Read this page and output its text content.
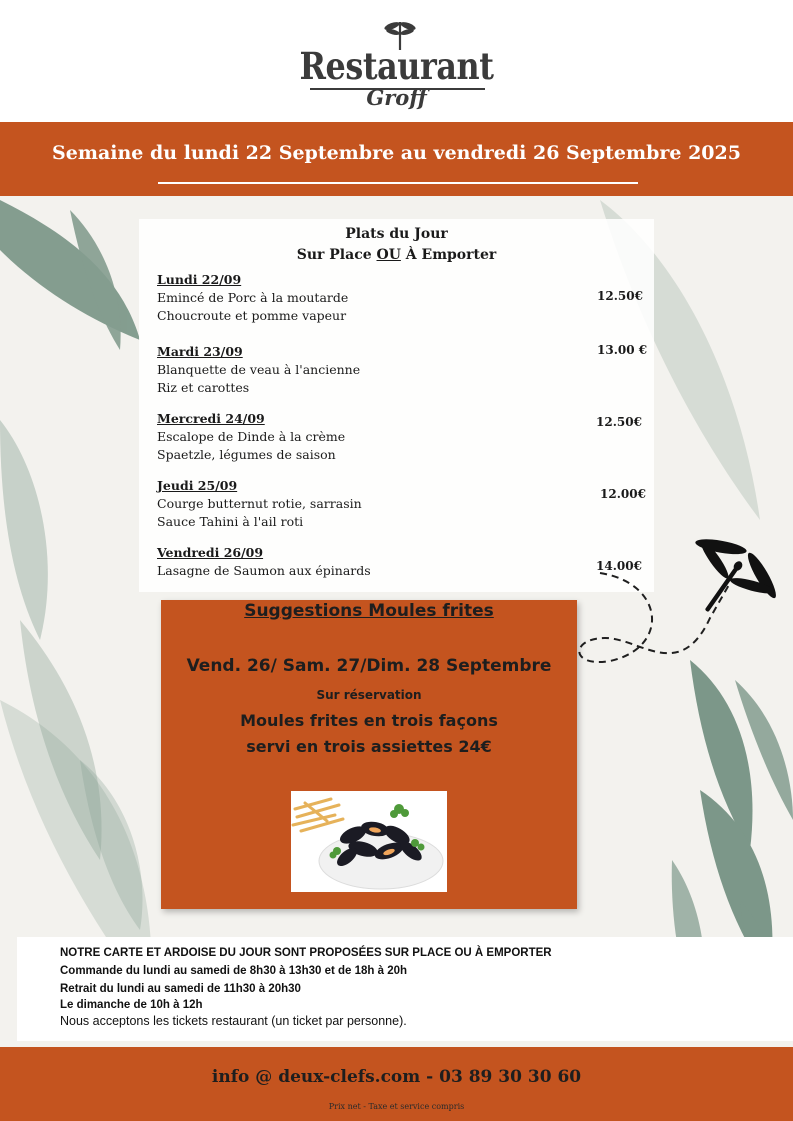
Restaurant
Groff
Semaine du lundi 22 Septembre au vendredi 26 Septembre 2025
Plats du Jour
Sur Place OU À Emporter
Lundi 22/09
Emincé de Porc à la moutarde
Choucroute et pomme vapeur
12.50€
Mardi 23/09
Blanquette de veau à l'ancienne
Riz et carottes
13.00 €
Mercredi 24/09
Escalope de Dinde à la crème
Spaetzle, légumes de saison
12.50€
Jeudi 25/09
Courge butternut rotie, sarrasin
Sauce Tahini à l'ail roti
12.00€
Vendredi 26/09
Lasagne de Saumon aux épinards	14.00€
Suggestions Moules frites
Vend. 26/ Sam. 27/Dim. 28 Septembre
Sur réservation
Moules frites en trois façons
servi en trois assiettes 24€
NOTRE CARTE ET ARDOISE DU JOUR SONT PROPOSÉES SUR PLACE OU À EMPORTER
Commande du lundi au samedi de 8h30 à 13h30 et de 18h à 20h
Retrait du lundi au samedi de 11h30 à 20h30
Le dimanche de 10h à 12h
Nous acceptons les tickets restaurant (un ticket par personne).
info @ deux-clefs.com - 03 89 30 30 60
Prix net - Taxe et service compris
